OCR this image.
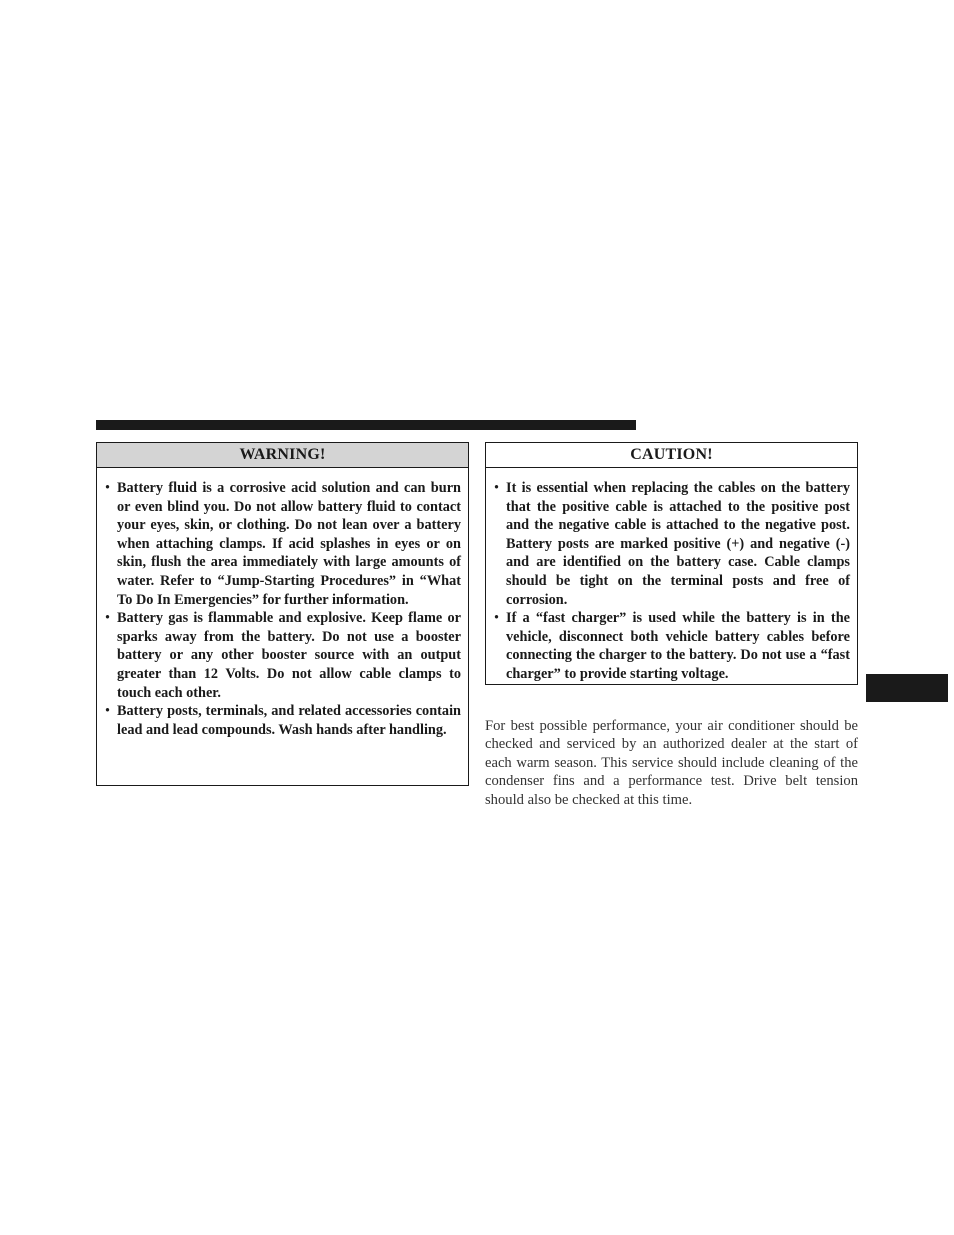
WARNING!
• Battery fluid is a corrosive acid solution and can burn or even blind you. Do not allow battery fluid to contact your eyes, skin, or clothing. Do not lean over a battery when attaching clamps. If acid splashes in eyes or on skin, flush the area immediately with large amounts of water. Refer to “Jump-Starting Procedures” in “What To Do In Emergencies” for further information.
• Battery gas is flammable and explosive. Keep flame or sparks away from the battery. Do not use a booster battery or any other booster source with an output greater than 12 Volts. Do not allow cable clamps to touch each other.
• Battery posts, terminals, and related accessories contain lead and lead compounds. Wash hands after handling.
CAUTION!
• It is essential when replacing the cables on the battery that the positive cable is attached to the positive post and the negative cable is attached to the negative post. Battery posts are marked positive (+) and negative (-) and are identified on the battery case. Cable clamps should be tight on the terminal posts and free of corrosion.
• If a “fast charger” is used while the battery is in the vehicle, disconnect both vehicle battery cables before connecting the charger to the battery. Do not use a “fast charger” to provide starting voltage.

For best possible performance, your air conditioner should be checked and serviced by an authorized dealer at the start of each warm season. This service should include cleaning of the condenser fins and a performance test. Drive belt tension should also be checked at this time.
